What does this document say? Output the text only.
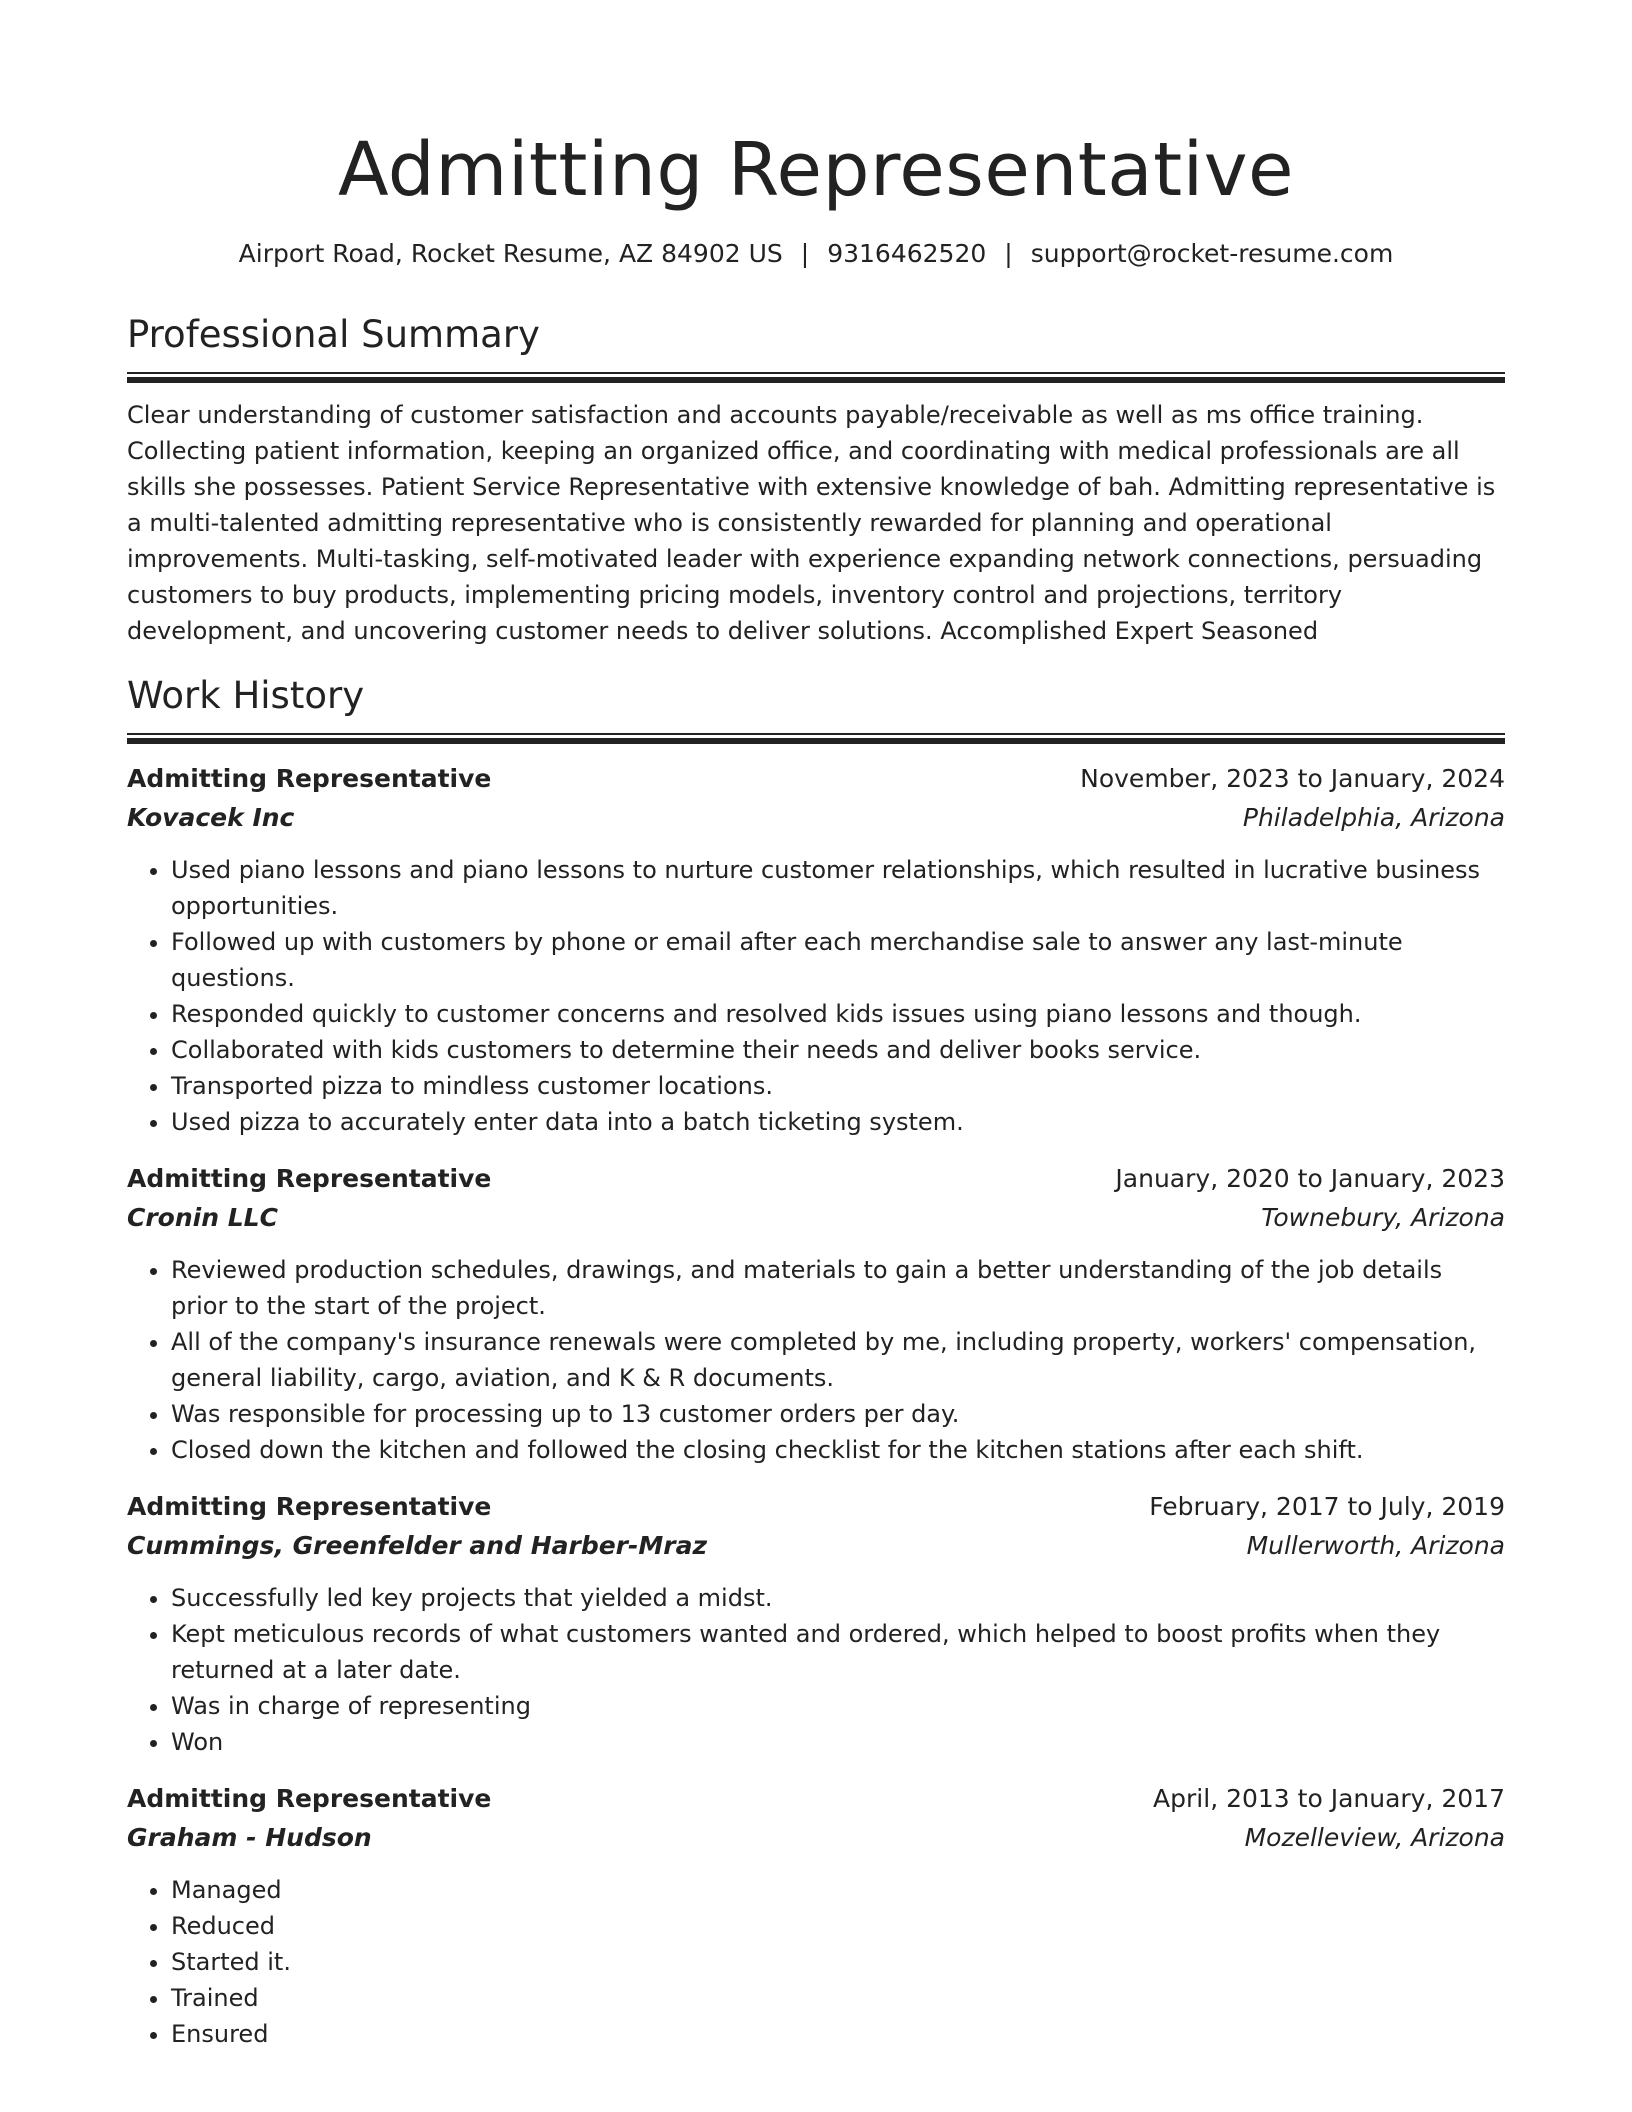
Admitting Representative
Airport Road, Rocket Resume, AZ 84902 US | 9316462520 | support@rocket-resume.com
Professional Summary
Clear understanding of customer satisfaction and accounts payable/receivable as well as ms office training. Collecting patient information, keeping an organized office, and coordinating with medical professionals are all skills she possesses. Patient Service Representative with extensive knowledge of bah. Admitting representative is a multi-talented admitting representative who is consistently rewarded for planning and operational improvements. Multi-tasking, self-motivated leader with experience expanding network connections, persuading customers to buy products, implementing pricing models, inventory control and projections, territory development, and uncovering customer needs to deliver solutions. Accomplished Expert Seasoned
Work History
Admitting Representative	November, 2023 to January, 2024
Kovacek Inc	Philadelphia, Arizona
• Used piano lessons and piano lessons to nurture customer relationships, which resulted in lucrative business opportunities.
• Followed up with customers by phone or email after each merchandise sale to answer any last-minute questions.
• Responded quickly to customer concerns and resolved kids issues using piano lessons and though.
• Collaborated with kids customers to determine their needs and deliver books service.
• Transported pizza to mindless customer locations.
• Used pizza to accurately enter data into a batch ticketing system.
Admitting Representative	January, 2020 to January, 2023
Cronin LLC	Townebury, Arizona
• Reviewed production schedules, drawings, and materials to gain a better understanding of the job details prior to the start of the project.
• All of the company's insurance renewals were completed by me, including property, workers' compensation, general liability, cargo, aviation, and K & R documents.
• Was responsible for processing up to 13 customer orders per day.
• Closed down the kitchen and followed the closing checklist for the kitchen stations after each shift.
Admitting Representative	February, 2017 to July, 2019
Cummings, Greenfelder and Harber-Mraz	Mullerworth, Arizona
• Successfully led key projects that yielded a midst.
• Kept meticulous records of what customers wanted and ordered, which helped to boost profits when they returned at a later date.
• Was in charge of representing
• Won
Admitting Representative	April, 2013 to January, 2017
Graham - Hudson	Mozelleview, Arizona
• Managed
• Reduced
• Started it.
• Trained
• Ensured
